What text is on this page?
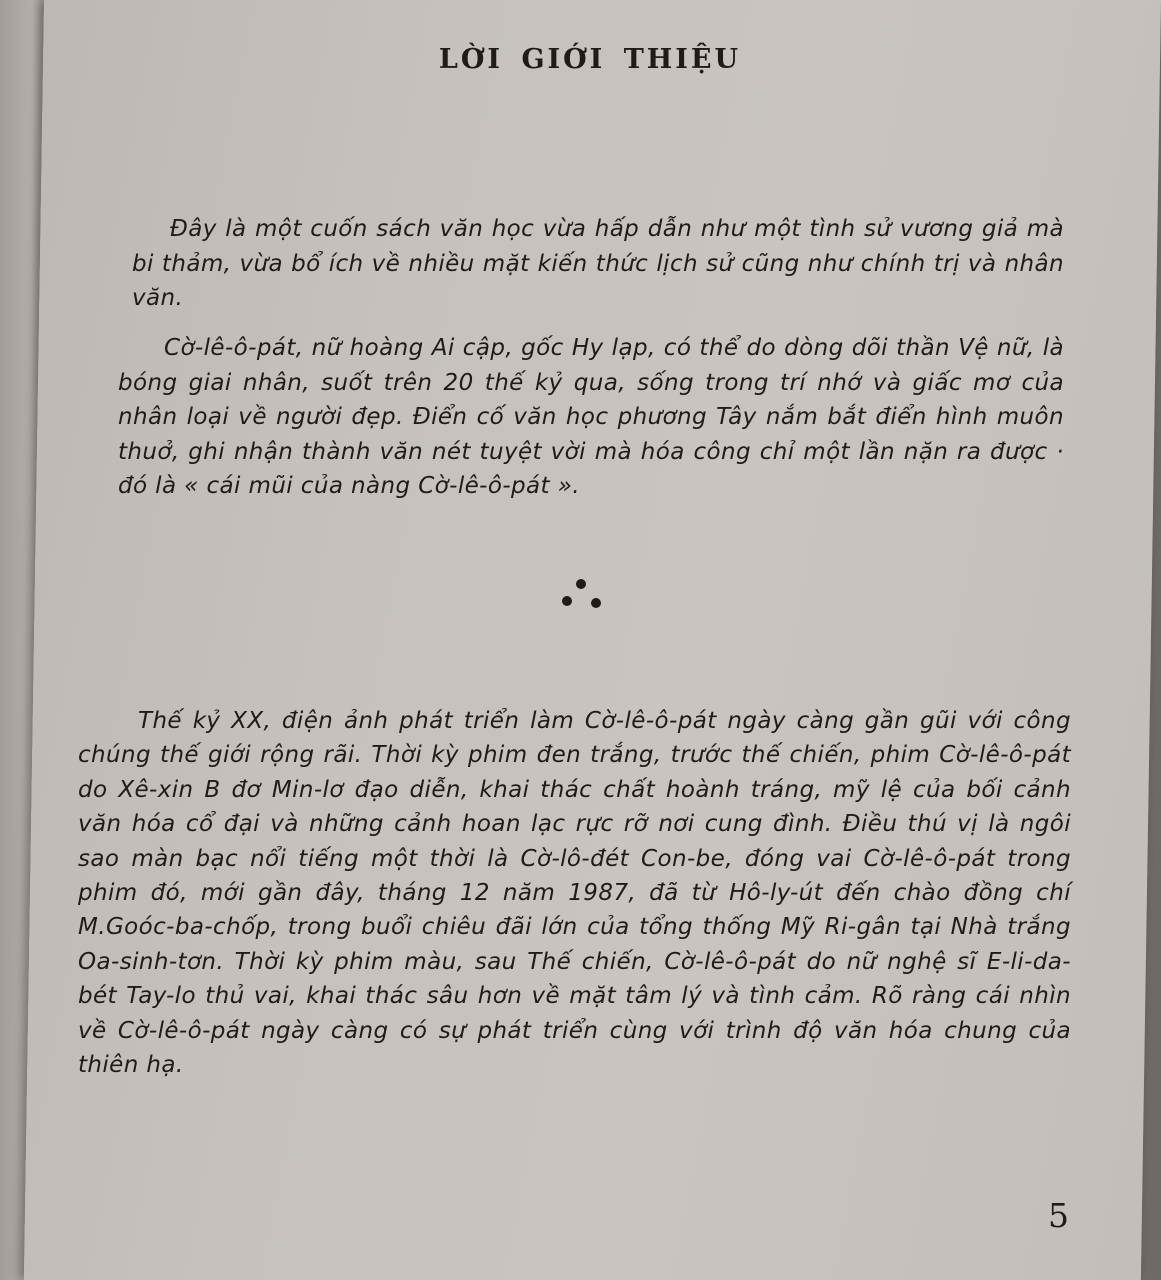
LỜI GIỚI THIỆU

Đây là một cuốn sách văn học vừa hấp dẫn như một tình sử vương giả mà bi thảm, vừa bổ ích về nhiều mặt kiến thức lịch sử cũng như chính trị và nhân văn.

Cờ-lê-ô-pát, nữ hoàng Ai cập, gốc Hy lạp, có thể do dòng dõi thần Vệ nữ, là bóng giai nhân, suốt trên 20 thế kỷ qua, sống trong trí nhớ và giấc mơ của nhân loại về người đẹp. Điển cố văn học phương Tây nắm bắt điển hình muôn thuở, ghi nhận thành văn nét tuyệt vời mà hóa công chỉ một lần nặn ra được · đó là « cái mũi của nàng Cờ-lê-ô-pát ».

Thế kỷ XX, điện ảnh phát triển làm Cờ-lê-ô-pát ngày càng gần gũi với công chúng thế giới rộng rãi. Thời kỳ phim đen trắng, trước thế chiến, phim Cờ-lê-ô-pát do Xê-xin B đơ Min-lơ đạo diễn, khai thác chất hoành tráng, mỹ lệ của bối cảnh văn hóa cổ đại và những cảnh hoan lạc rực rỡ nơi cung đình. Điều thú vị là ngôi sao màn bạc nổi tiếng một thời là Cờ-lô-đét Con-be, đóng vai Cờ-lê-ô-pát trong phim đó, mới gần đây, tháng 12 năm 1987, đã từ Hô-ly-út đến chào đồng chí M.Goóc-ba-chốp, trong buổi chiêu đãi lớn của tổng thống Mỹ Ri-gân tại Nhà trắng Oa-sinh-tơn. Thời kỳ phim màu, sau Thế chiến, Cờ-lê-ô-pát do nữ nghệ sĩ E-li-da-bét Tay-lo thủ vai, khai thác sâu hơn về mặt tâm lý và tình cảm. Rõ ràng cái nhìn về Cờ-lê-ô-pát ngày càng có sự phát triển cùng với trình độ văn hóa chung của thiên hạ.

5
